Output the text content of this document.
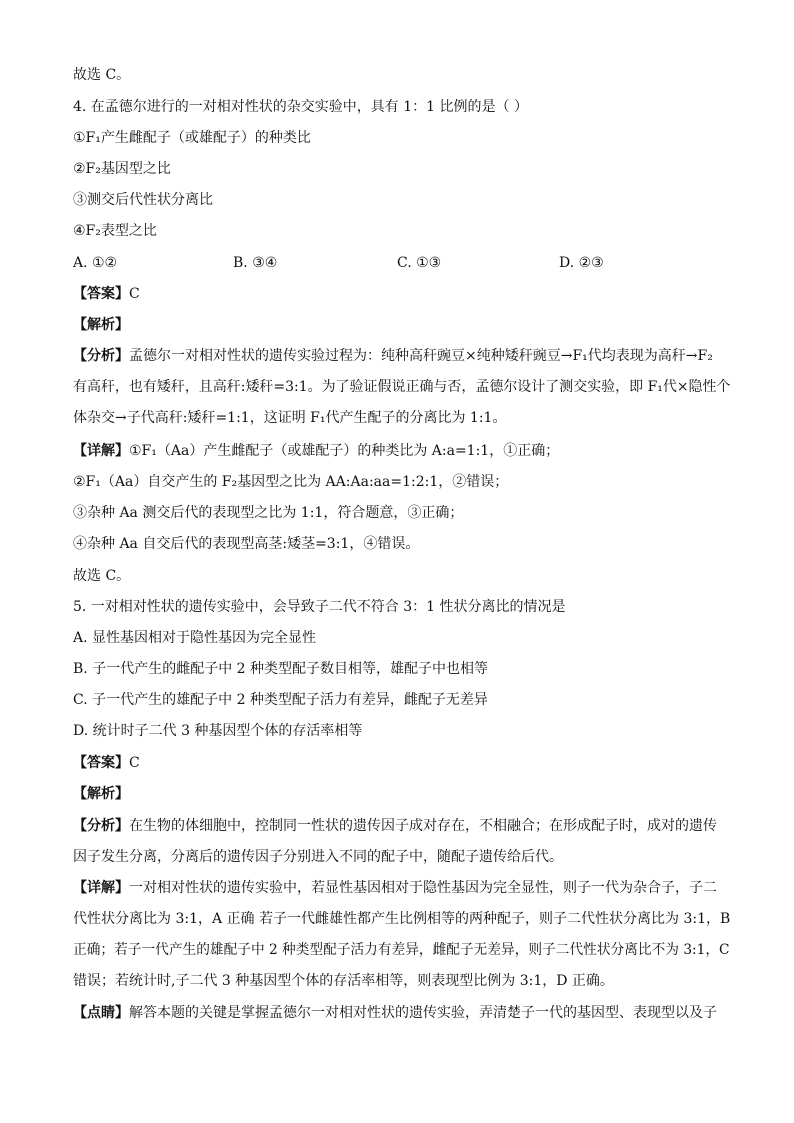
故选 C。
4. 在孟德尔进行的一对相对性状的杂交实验中，具有 1：1 比例的是（ ）
①F₁产生雌配子（或雄配子）的种类比
②F₂基因型之比
③测交后代性状分离比
④F₂表型之比
A. ①②	B. ③④	C. ①③	D. ②③
【答案】C
【解析】
【分析】孟德尔一对相对性状的遗传实验过程为：纯种高秆豌豆×纯种矮秆豌豆→F₁代均表现为高秆→F₂
有高秆，也有矮秆，且高秆:矮秆=3:1。为了验证假说正确与否，孟德尔设计了测交实验，即 F₁代×隐性个
体杂交→子代高秆:矮秆=1:1，这证明 F₁代产生配子的分离比为 1:1。
【详解】①F₁（Aa）产生雌配子（或雄配子）的种类比为 A:a=1:1，①正确；
②F₁（Aa）自交产生的 F₂基因型之比为 AA:Aa:aa=1:2:1，②错误；
③杂种 Aa 测交后代的表现型之比为 1:1，符合题意，③正确；
④杂种 Aa 自交后代的表现型高茎:矮茎=3:1，④错误。
故选 C。
5. 一对相对性状的遗传实验中，会导致子二代不符合 3：1 性状分离比的情况是
A. 显性基因相对于隐性基因为完全显性
B. 子一代产生的雌配子中 2 种类型配子数目相等，雄配子中也相等
C. 子一代产生的雄配子中 2 种类型配子活力有差异，雌配子无差异
D. 统计时子二代 3 种基因型个体的存活率相等
【答案】C
【解析】
【分析】在生物的体细胞中，控制同一性状的遗传因子成对存在，不相融合；在形成配子时，成对的遗传
因子发生分离，分离后的遗传因子分别进入不同的配子中，随配子遗传给后代。
【详解】一对相对性状的遗传实验中，若显性基因相对于隐性基因为完全显性，则子一代为杂合子，子二
代性状分离比为 3:1，A 正确 若子一代雌雄性都产生比例相等的两种配子，则子二代性状分离比为 3:1，B
正确；若子一代产生的雄配子中 2 种类型配子活力有差异，雌配子无差异，则子二代性状分离比不为 3:1，C
错误；若统计时,子二代 3 种基因型个体的存活率相等，则表现型比例为 3:1，D 正确。
【点睛】解答本题的关键是掌握孟德尔一对相对性状的遗传实验，弄清楚子一代的基因型、表现型以及子
